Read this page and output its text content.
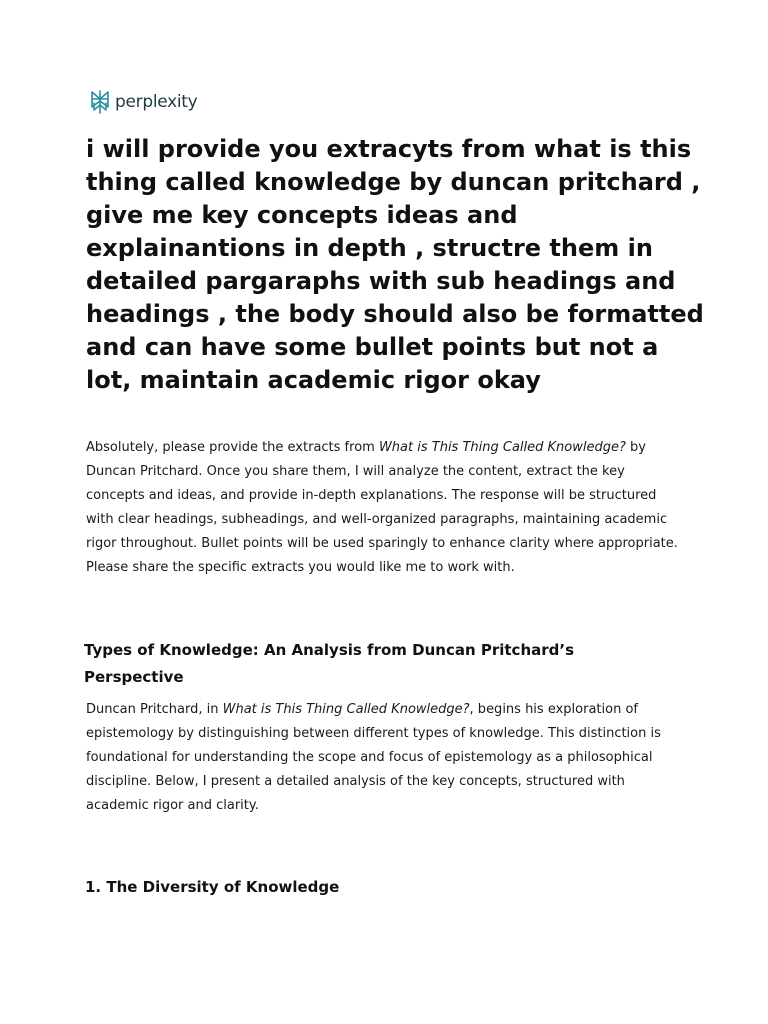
perplexity
i will provide you extracyts from what is this thing called knowledge by duncan pritchard , give me key concepts ideas and explainantions in depth , structre them in detailed pargaraphs with sub headings and headings , the body should also be formatted and can have some bullet points but not a lot, maintain academic rigor okay

Absolutely, please provide the extracts from What is This Thing Called Knowledge? by Duncan Pritchard. Once you share them, I will analyze the content, extract the key concepts and ideas, and provide in-depth explanations. The response will be structured with clear headings, subheadings, and well-organized paragraphs, maintaining academic rigor throughout. Bullet points will be used sparingly to enhance clarity where appropriate. Please share the specific extracts you would like me to work with.

Types of Knowledge: An Analysis from Duncan Pritchard’s Perspective

Duncan Pritchard, in What is This Thing Called Knowledge?, begins his exploration of epistemology by distinguishing between different types of knowledge. This distinction is foundational for understanding the scope and focus of epistemology as a philosophical discipline. Below, I present a detailed analysis of the key concepts, structured with academic rigor and clarity.

1. The Diversity of Knowledge
